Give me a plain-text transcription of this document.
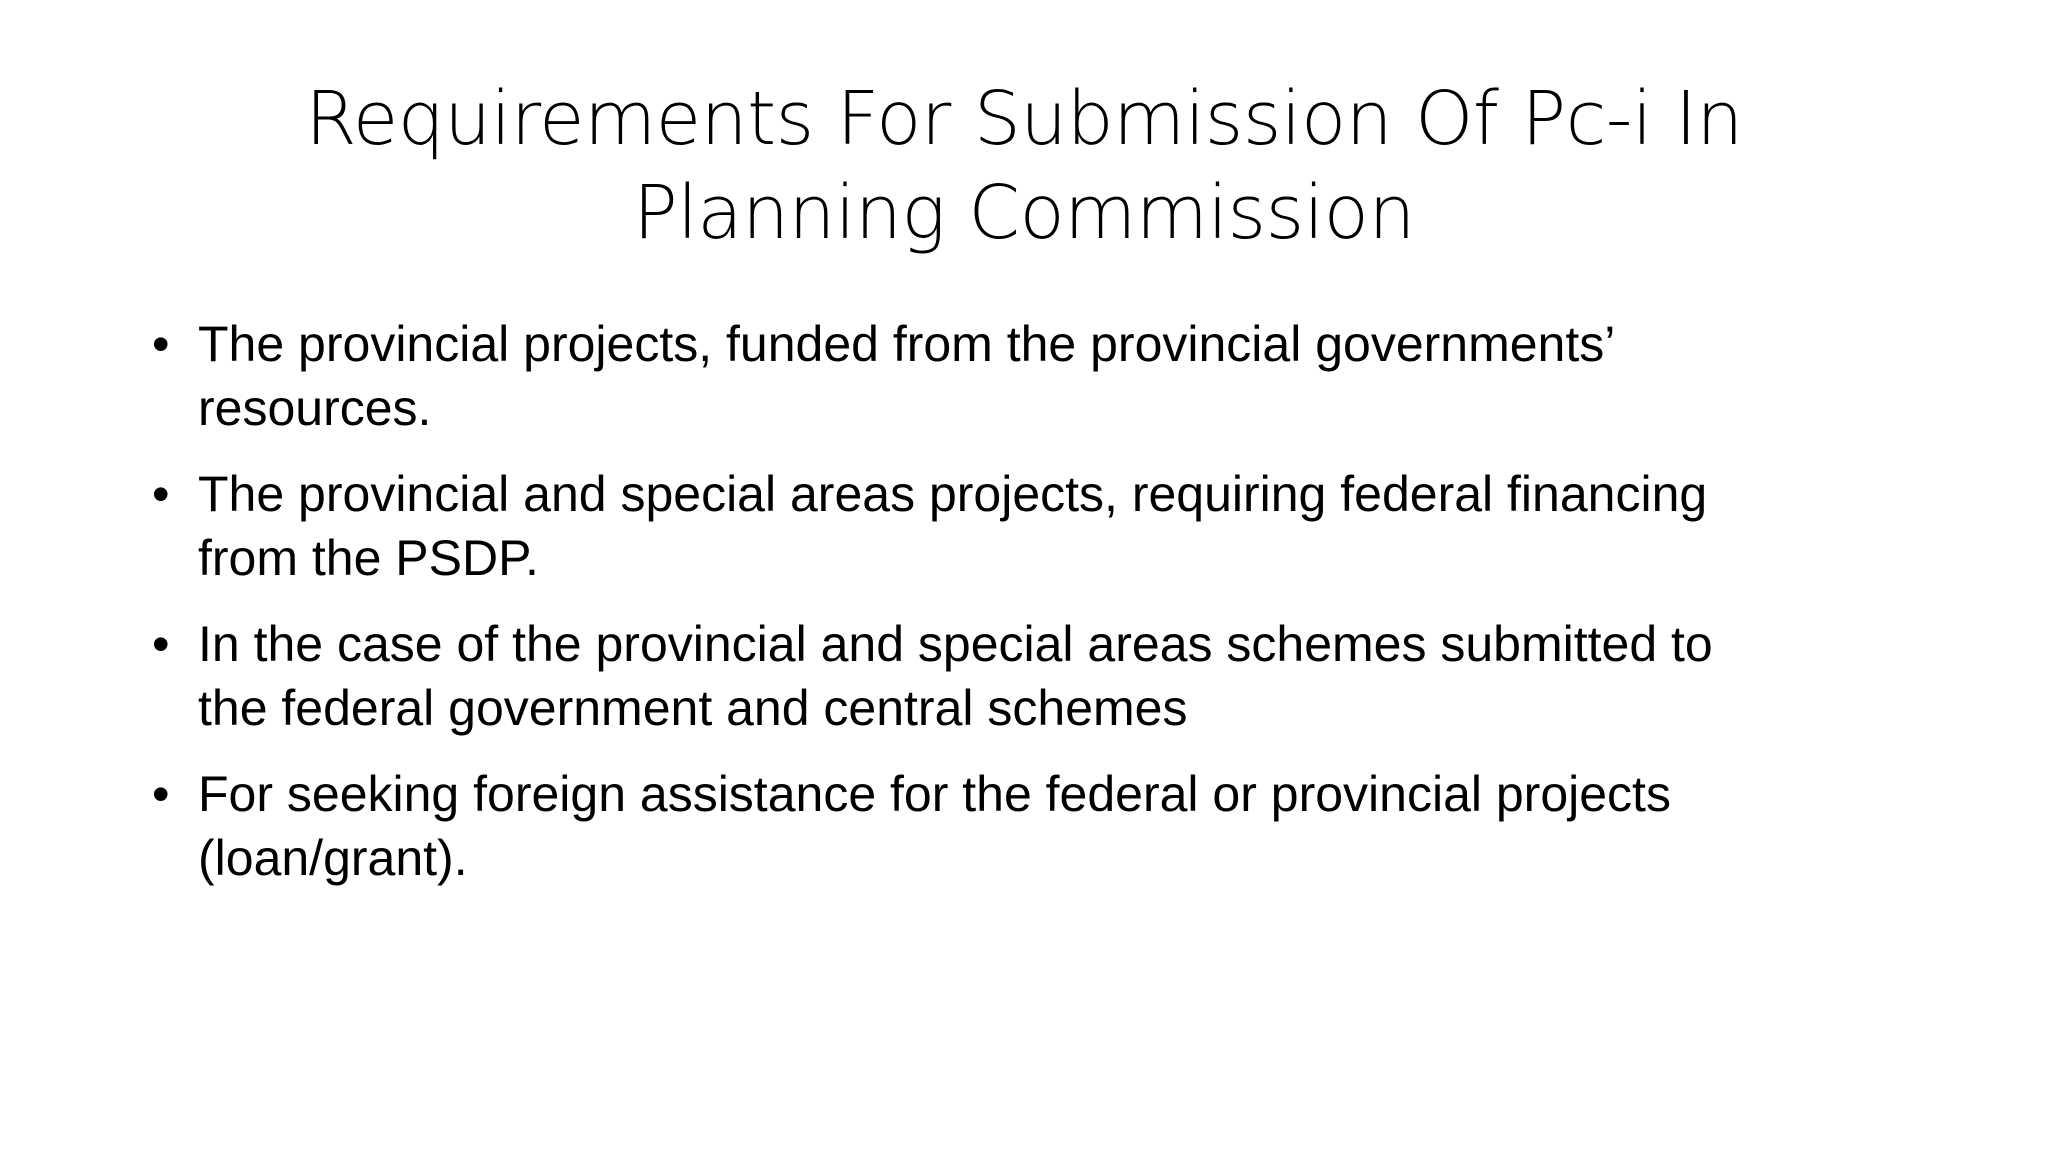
Requirements For Submission Of Pc-i In
Planning Commission
• The provincial projects, funded from the provincial governments’
resources.
• The provincial and special areas projects, requiring federal financing
from the PSDP.
• In the case of the provincial and special areas schemes submitted to
the federal government and central schemes
• For seeking foreign assistance for the federal or provincial projects
(loan/grant).
